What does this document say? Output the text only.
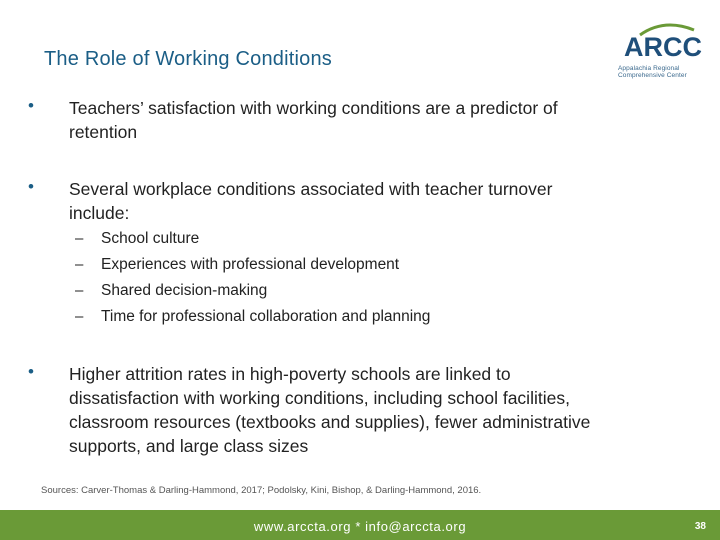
The Role of Working Conditions	ARCC
Appalachia Regional
Comprehensive Center
• Teachers’ satisfaction with working conditions are a predictor of
retention
• Several workplace conditions associated with teacher turnover
include:
– School culture
– Experiences with professional development
– Shared decision-making
– Time for professional collaboration and planning
• Higher attrition rates in high-poverty schools are linked to
dissatisfaction with working conditions, including school facilities,
classroom resources (textbooks and supplies), fewer administrative
supports, and large class sizes
Sources: Carver-Thomas & Darling-Hammond, 2017; Podolsky, Kini, Bishop, & Darling-Hammond, 2016.
www.arccta.org * info@arccta.org	38
